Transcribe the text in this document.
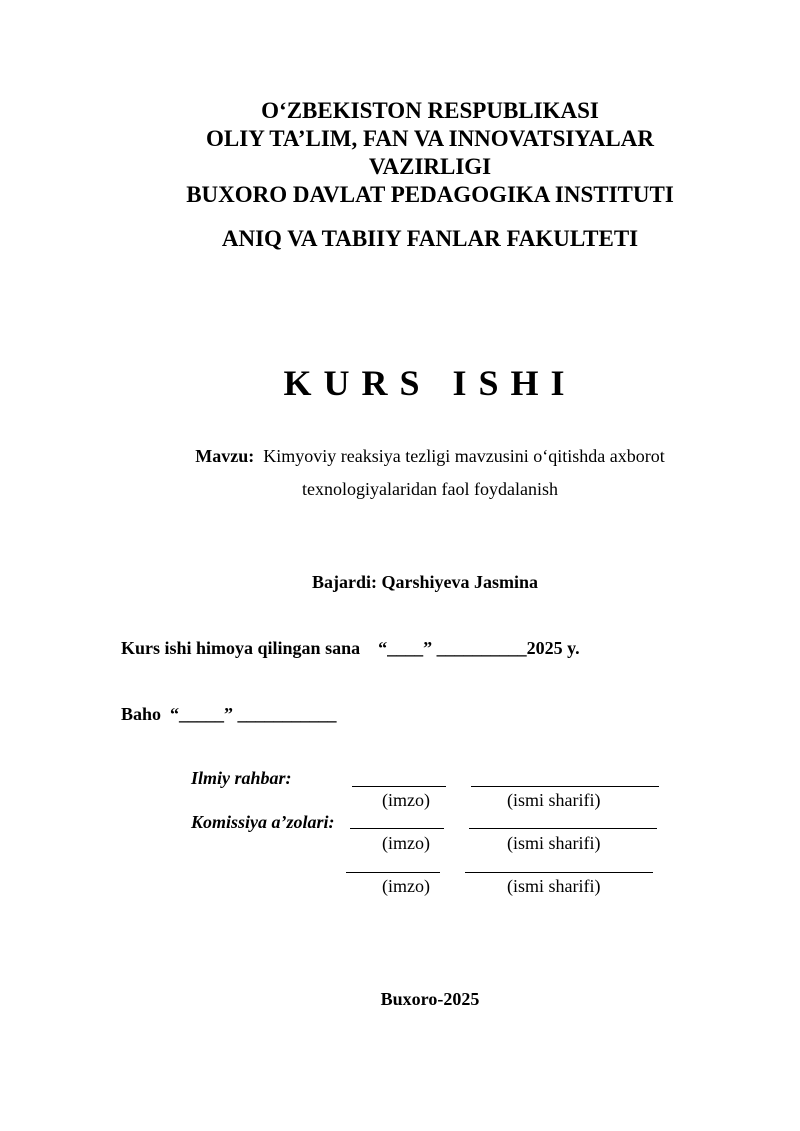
O‘ZBEKISTON RESPUBLIKASI
OLIY TA’LIM, FAN VA INNOVATSIYALAR
VAZIRLIGI
BUXORO DAVLAT PEDAGOGIKA INSTITUTI
ANIQ VA TABIIY FANLAR FAKULTETI
KURS ISHI
Mavzu: Kimyoviy reaksiya tezligi mavzusini o‘qitishda axborot
texnologiyalaridan faol foydalanish
Bajardi: Qarshiyeva Jasmina
Kurs ishi himoya qilingan sana “____” __________2025 y.
Baho “_____” ___________
Ilmiy rahbar:
(imzo)	(ismi sharifi)
Komissiya a’zolari:
(imzo)	(ismi sharifi)
(imzo)	(ismi sharifi)
Buxoro-2025
